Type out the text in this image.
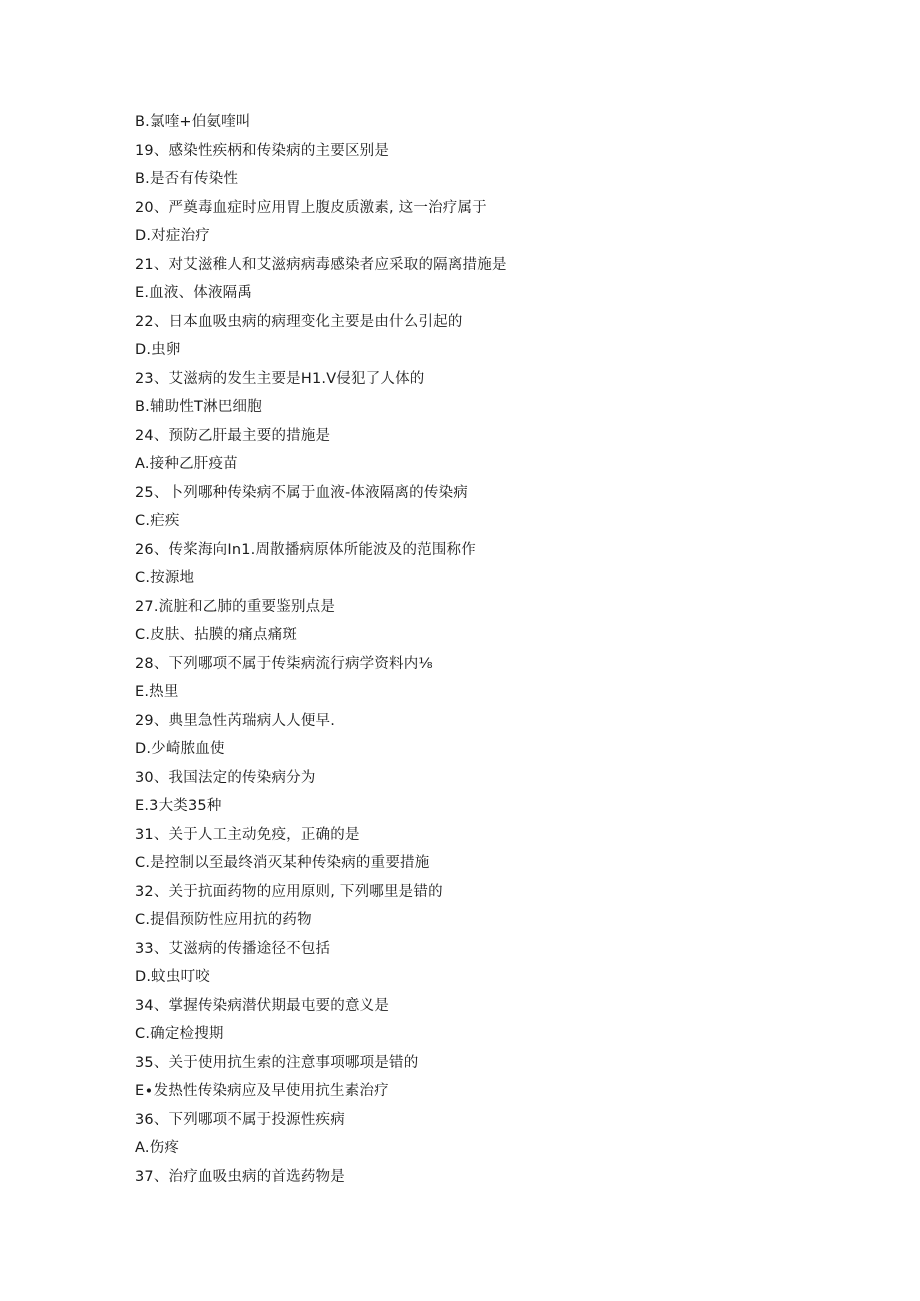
B.氯喹+伯氨喹叫
19、感染性疾柄和传染病的主要区别是
B.是否有传染性
20、严奠毒血症时应用胃上腹皮质激素, 这一治疗属于
D.对症治疗
21、对艾滋稚人和艾滋病病毒感染者应采取的隔离措施是
E.血液、体液隔禹
22、日本血吸虫病的病理变化主要是由什么引起的
D.虫卵
23、艾滋病的发生主要是H1.V侵犯了人体的
B.辅助性T淋巴细胞
24、预防乙肝最主要的措施是
A.接种乙肝疫苗
25、卜列哪种传染病不属于血液-体液隔离的传染病
C.疟疾
26、传桨海向In1.周散播病原体所能波及的范围称作
C.按源地
27.流脏和乙肺的重要鉴别点是
C.皮肤、拈膜的痛点痛斑
28、下列哪项不属于传柒病流行病学资料内⅛
E.热里
29、典里急性芮瑞病人人便早.
D.少崎脓血使
30、我国法定的传染病分为
E.3大类35种
31、关于人工主动免疫，正确的是
C.是控制以至最终消灭某种传染病的重要措施
32、关于抗面药物的应用原则, 下列哪里是错的
C.提倡预防性应用抗的药物
33、艾滋病的传播途径不包括
D.蚊虫叮咬
34、掌握传染病潜伏期最屯要的意义是
C.确定检搜期
35、关于使用抗生索的注意事项哪项是错的
E∙发热性传染病应及早使用抗生素治疗
36、下列哪项不属于投源性疾病
A.伤疼
37、治疗血吸虫病的首选药物是
